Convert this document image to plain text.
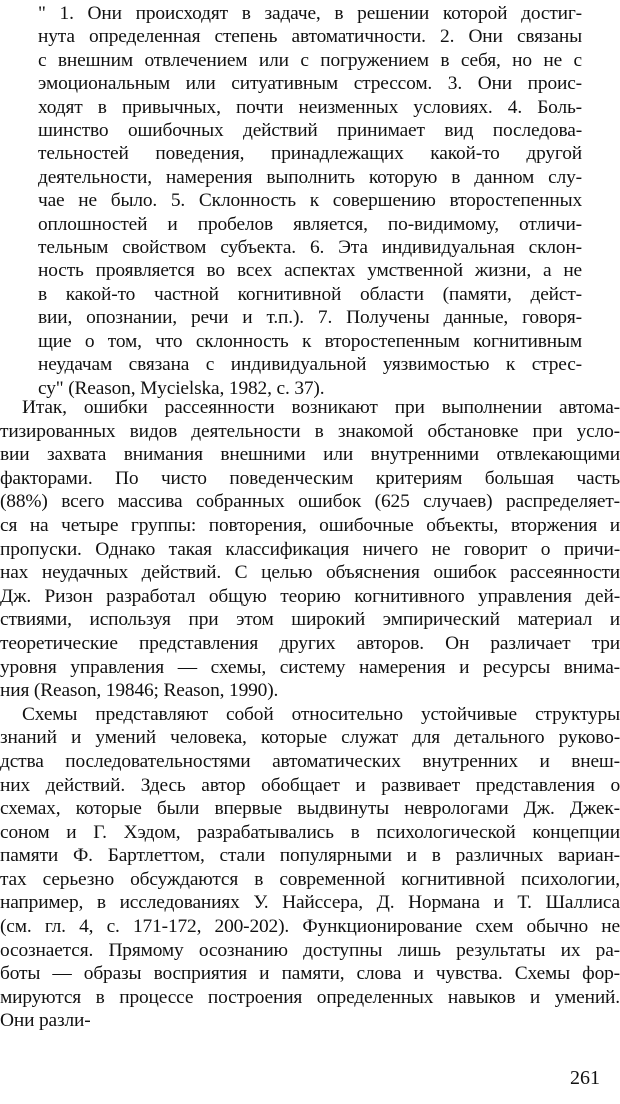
" 1. Они происходят в задаче, в решении которой достиг-
нута определенная степень автоматичности. 2. Они связаны
с внешним отвлечением или с погружением в себя, но не с
эмоциональным или ситуативным стрессом. 3. Они проис-
ходят в привычных, почти неизменных условиях. 4. Боль-
шинство ошибочных действий принимает вид последова-
тельностей поведения, принадлежащих какой-то другой
деятельности, намерения выполнить которую в данном слу-
чае не было. 5. Склонность к совершению второстепенных
оплошностей и пробелов является, по-видимому, отличи-
тельным свойством субъекта. 6. Эта индивидуальная склон-
ность проявляется во всех аспектах умственной жизни, а не
в какой-то частной когнитивной области (памяти, дейст-
вии, опознании, речи и т.п.). 7. Получены данные, говоря-
щие о том, что склонность к второстепенным когнитивным
неудачам связана с индивидуальной уязвимостью к стрес-
су" (Reason, Mycielska, 1982, с. 37).
Итак, ошибки рассеянности возникают при выполнении автома-
тизированных видов деятельности в знакомой обстановке при усло-
вии захвата внимания внешними или внутренними отвлекающими
факторами. По чисто поведенческим критериям большая часть
(88%) всего массива собранных ошибок (625 случаев) распределяет-
ся на четыре группы: повторения, ошибочные объекты, вторжения и
пропуски. Однако такая классификация ничего не говорит о причи-
нах неудачных действий. С целью объяснения ошибок рассеянности
Дж. Ризон разработал общую теорию когнитивного управления дей-
ствиями, используя при этом широкий эмпирический материал и
теоретические представления других авторов. Он различает три
уровня управления — схемы, систему намерения и ресурсы внима-
ния (Reason, 19846; Reason, 1990).
Схемы представляют собой относительно устойчивые структуры
знаний и умений человека, которые служат для детального руково-
дства последовательностями автоматических внутренних и внеш-
них действий. Здесь автор обобщает и развивает представления о
схемах, которые были впервые выдвинуты неврологами Дж. Джек-
соном и Г. Хэдом, разрабатывались в психологической концепции
памяти Ф. Бартлеттом, стали популярными и в различных вариан-
тах серьезно обсуждаются в современной когнитивной психологии,
например, в исследованиях У. Найссера, Д. Нормана и Т. Шаллиса
(см. гл. 4, с. 171-172, 200-202). Функционирование схем обычно не
осознается. Прямому осознанию доступны лишь результаты их ра-
боты — образы восприятия и памяти, слова и чувства. Схемы фор-
мируются в процессе построения определенных навыков и умений.
Они разли-
261
